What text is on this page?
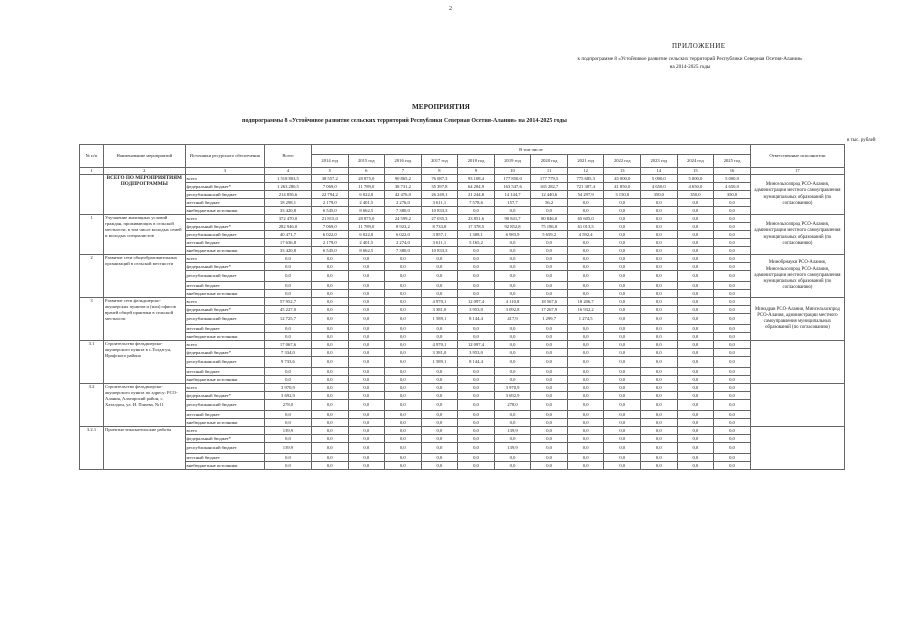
2
ПРИЛОЖЕНИЕ
к подпрограмме 8 «Устойчивое развитие сельских территорий Республики Северная Осетия-Алания»
на 2014-2025 годы
МЕРОПРИЯТИЯ
подпрограммы 8 «Устойчивое развитие сельских территорий Республики Северная Осетия-Алания» на 2014-2025 годы
в тыс. рублей
№ п/п	Наименование мероприятий	Источники ресурсного обеспечения	Всего	В том числе												Ответственные исполнители
				2014 год	2015 год	2016 год	2017 год	2018 год	2019 год	2020 год	2021 год	2022 год	2023 год	2024 год	2025 год	
1	2	3	4	5	6	7	8	9	10	11	12	13	14	15	16	17
	ВСЕГО ПО МЕРОПРИЯТИЯМ ПОДПРОГРАММЫ	всего	1 518 803,5	38 557,2	28 875,0	90 865,2	76 087,3	93 108,4	177 850,0	177 779,5	775 685,3	45 000,0	5 000,0	5 000,0	5 000,0	Минсельхозпрод РСО-Алания, администрации местного самоуправления муниципальных образований (по согласованию)
		федеральный бюджет*	1 263 280,5	7 069,0	11 789,0	38 731,2	35 397,8	64 284,9	163 547,6	165 282,7	721 387,4	41 850,0	4 650,0	4 650,0	4 650,0	
		республиканский бюджет	214 856,6	22 794,2	6 022,0	42 476,0	26 249,1	21 244,8	14 144,7	12 440,6	54 297,9	3 150,0	350,0	350,0	350,0	
		местный бюджет	18 298,1	2 179,0	2 401,5	2 276,0	3 611,1	7 578,6	157,7	56,2	0,0	0,0	0,0	0,0	0,0	
		внебюджетные источники	33 420,8	6 545,0	8 662,5	7 380,0	10 833,3	0,0	0,0	0,0	0,0	0,0	0,0	0,0	0,0	
1	Улучшение жилищных условий граждан, проживающих в сельской местности, в том числе молодых семей и молодых специалистов	всего	372 470,0	21 815,0	28 875,0	24 599,2	27 035,3	23 851,6	90 841,7	80 846,0	65 605,0	0,0	0,0	0,0	0,0	Минсельхозпрод РСО-Алания, администрации местного самоуправления муниципальных образований (по согласованию)
		федеральный бюджет*	282 946,0	7 069,0	11 789,0	8 923,2	8 733,8	17 378,5	92 852,8	75 186,8	61 013,5	0,0	0,0	0,0	0,0	
		республиканский бюджет	40 471,7	6 022,0	6 022,0	6 022,0	3 857,1	1 308,1	6 983,9	5 659,2	4 592,4	0,0	0,0	0,0	0,0	
		местный бюджет	17 636,8	2 179,0	2 401,5	2 274,0	3 611,1	5 165,2	0,0	0,0	0,0	0,0	0,0	0,0	0,0	
		внебюджетные источники	33 420,8	6 545,0	8 662,5	7 380,0	10 833,3	0,0	0,0	0,0	0,0	0,0	0,0	0,0	0,0	
2	Развитие сети общеобразовательных организаций в сельской местности	всего	0,0	0,0	0,0	0,0	0,0	0,0	0,0	0,0	0,0	0,0	0,0	0,0	0,0	Минобрнауки РСО-Алания, Минсельхозпрод РСО-Алания, администрации местного самоуправления муниципальных образований (по согласованию)
		федеральный бюджет*	0,0	0,0	0,0	0,0	0,0	0,0	0,0	0,0	0,0	0,0	0,0	0,0	0,0	
		республиканский бюджет	0,0	0,0	0,0	0,0	0,0	0,0	0,0	0,0	0,0	0,0	0,0	0,0	0,0	
		местный бюджет	0,0	0,0	0,0	0,0	0,0	0,0	0,0	0,0	0,0	0,0	0,0	0,0	0,0	
		внебюджетные источники	0,0	0,0	0,0	0,0	0,0	0,0	0,0	0,0	0,0	0,0	0,0	0,0	0,0	
3	Развитие сети фельдшерско-акушерских пунктов и (или) офисов врачей общей практики в сельской местности	всего	57 952,7	0,0	0,0	0,0	4 970,1	12 097,4	4 110,8	18 567,6	18 206,7	0,0	0,0	0,0	0,0	Минздрав РСО-Алания, Минсельхозпрод РСО-Алания, администрации местного самоуправления муниципальных образований (по согласованию)
		федеральный бюджет*	45 227,0	0,0	0,0	0,0	3 381,0	3 953,0	3 092,8	17 267,9	16 932,2	0,0	0,0	0,0	0,0	
		республиканский бюджет	12 725,7	0,0	0,0	0,0	1 589,1	8 144,4	417,9	1 299,7	1 274,5	0,0	0,0	0,0	0,0	
		местный бюджет	0,0	0,0	0,0	0,0	0,0	0,0	0,0	0,0	0,0	0,0	0,0	0,0	0,0	
		внебюджетные источники	0,0	0,0	0,0	0,0	0,0	0,0	0,0	0,0	0,0	0,0	0,0	0,0	0,0	
3.1	Строительство фельдшерско-акушерского пункта в с.Толдзгун, Ирафского района	всего	17 067,6	0,0	0,0	0,0	4 970,1	12 097,4	0,0	0,0	0,0	0,0	0,0	0,0	0,0	
		федеральный бюджет*	7 334,0	0,0	0,0	0,0	3 381,0	3 953,0	0,0	0,0	0,0	0,0	0,0	0,0	0,0	
		республиканский бюджет	9 733,6	0,0	0,0	0,0	1 589,1	8 144,4	0,0	0,0	0,0	0,0	0,0	0,0	0,0	
		местный бюджет	0,0	0,0	0,0	0,0	0,0	0,0	0,0	0,0	0,0	0,0	0,0	0,0	0,0	
		внебюджетные источники	0,0	0,0	0,0	0,0	0,0	0,0	0,0	0,0	0,0	0,0	0,0	0,0	0,0	
3.2	Строительство фельдшерско-акушерского пункта по адресу: РСО-Алания, Алагирский район, с. Хаталдон, ул. И. Плиева, №11	всего	3 970,9	0,0	0,0	0,0	0,0	0,0	3 970,9	0,0	0,0	0,0	0,0	0,0	0,0	
		федеральный бюджет*	3 692,9	0,0	0,0	0,0	0,0	0,0	3 692,9	0,0	0,0	0,0	0,0	0,0	0,0	
		республиканский бюджет	278,0	0,0	0,0	0,0	0,0	0,0	278,0	0,0	0,0	0,0	0,0	0,0	0,0	
		местный бюджет	0,0	0,0	0,0	0,0	0,0	0,0	0,0	0,0	0,0	0,0	0,0	0,0	0,0	
		внебюджетные источники	0,0	0,0	0,0	0,0	0,0	0,0	0,0	0,0	0,0	0,0	0,0	0,0	0,0	
3.2.1	Проектно-изыскательские работы	всего	139,9	0,0	0,0	0,0	0,0	0,0	139,9	0,0	0,0	0,0	0,0	0,0	0,0	
		федеральный бюджет*	0,0	0,0	0,0	0,0	0,0	0,0	0,0	0,0	0,0	0,0	0,0	0,0	0,0	
		республиканский бюджет	139,9	0,0	0,0	0,0	0,0	0,0	139,9	0,0	0,0	0,0	0,0	0,0	0,0	
		местный бюджет	0,0	0,0	0,0	0,0	0,0	0,0	0,0	0,0	0,0	0,0	0,0	0,0	0,0	
		внебюджетные источники	0,0	0,0	0,0	0,0	0,0	0,0	0,0	0,0	0,0	0,0	0,0	0,0	0,0	
